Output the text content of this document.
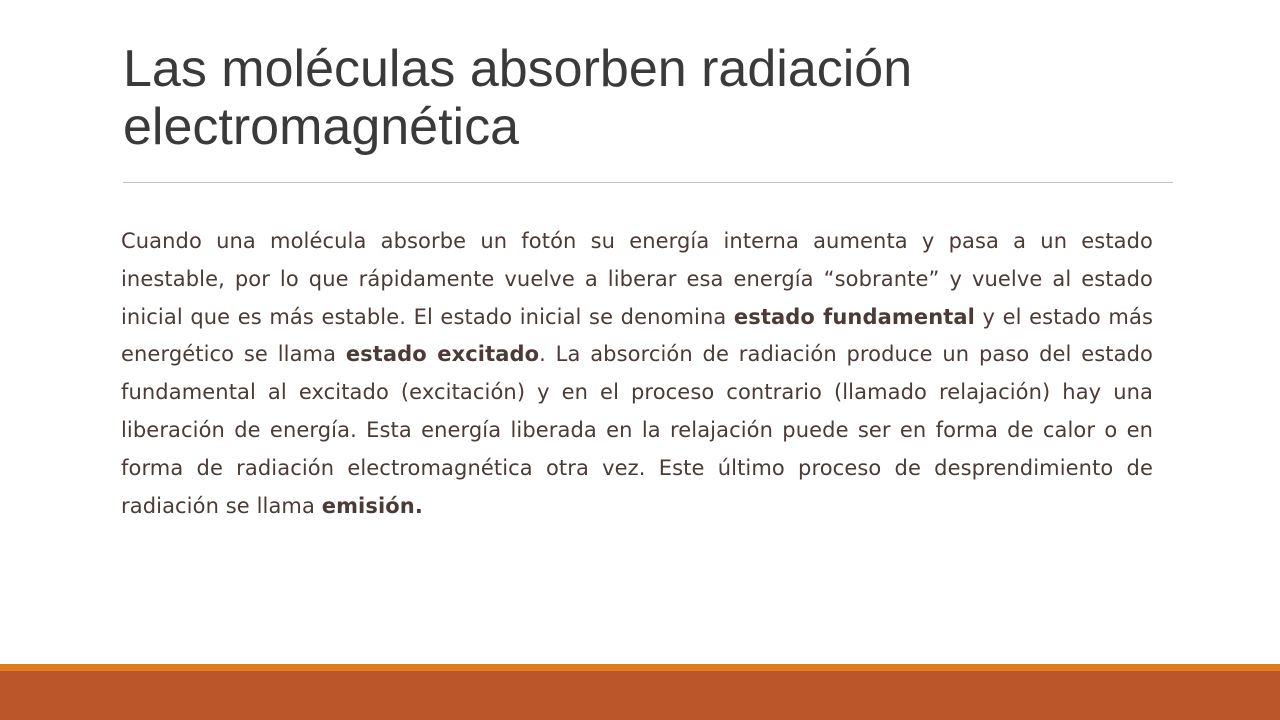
Las moléculas absorben radiación
electromagnética

Cuando una molécula absorbe un fotón su energía interna aumenta y pasa a un estado inestable, por lo que rápidamente vuelve a liberar esa energía “sobrante” y vuelve al estado inicial que es más estable. El estado inicial se denomina estado fundamental y el estado más energético se llama estado excitado. La absorción de radiación produce un paso del estado fundamental al excitado (excitación) y en el proceso contrario (llamado relajación) hay una liberación de energía. Esta energía liberada en la relajación puede ser en forma de calor o en forma de radiación electromagnética otra vez. Este último proceso de desprendimiento de radiación se llama emisión.
